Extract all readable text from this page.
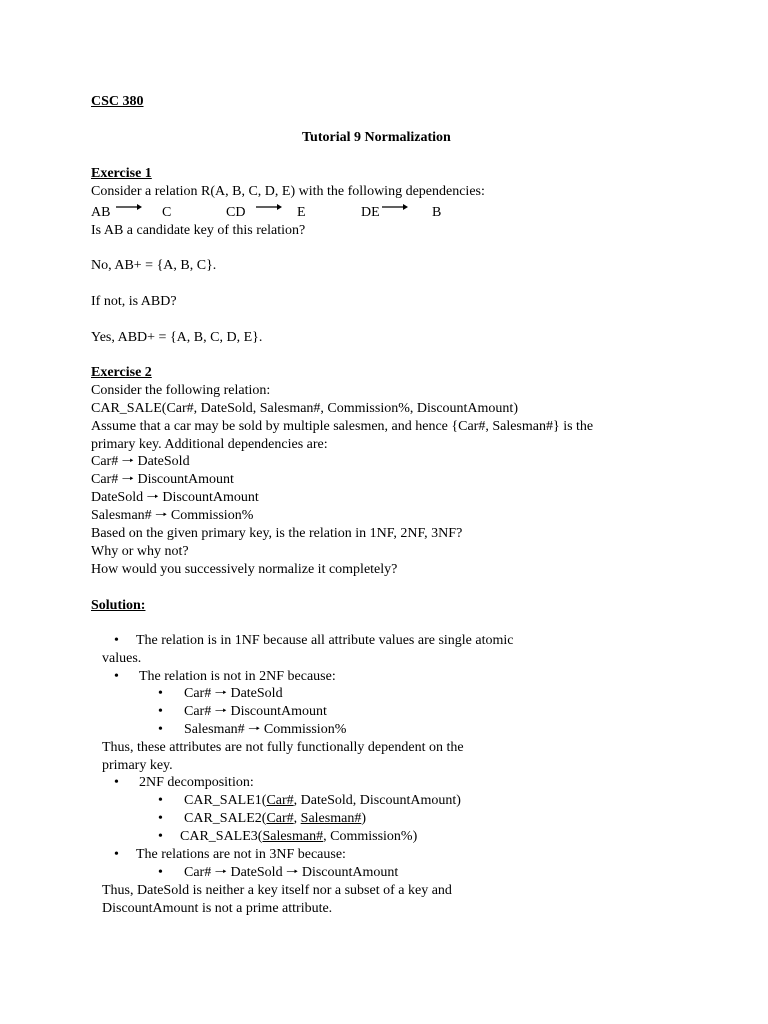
CSC 380
Tutorial 9 Normalization
Exercise 1
Consider a relation R(A, B, C, D, E) with the following dependencies:
AB	C	CD	E	DE	B
Is AB a candidate key of this relation?
No, AB+ = {A, B, C}.
If not, is ABD?
Yes, ABD+ = {A, B, C, D, E}.
Exercise 2
Consider the following relation:
CAR_SALE(Car#, DateSold, Salesman#, Commission%, DiscountAmount)
Assume that a car may be sold by multiple salesmen, and hence {Car#, Salesman#} is the
primary key. Additional dependencies are:
Car# 🠒 DateSold
Car# 🠒 DiscountAmount
DateSold 🠒 DiscountAmount
Salesman# 🠒 Commission%
Based on the given primary key, is the relation in 1NF, 2NF, 3NF?
Why or why not?
How would you successively normalize it completely?
Solution:
• The relation is in 1NF because all attribute values are single atomic
values.
• The relation is not in 2NF because:
• Car# 🠒 DateSold
• Car# 🠒 DiscountAmount
• Salesman# 🠒 Commission%
Thus, these attributes are not fully functionally dependent on the
primary key.
• 2NF decomposition:
• CAR_SALE1(Car#, DateSold, DiscountAmount)
• CAR_SALE2(Car#, Salesman#)
• CAR_SALE3(Salesman#, Commission%)
• The relations are not in 3NF because:
• Car# 🠒 DateSold 🠒 DiscountAmount
Thus, DateSold is neither a key itself nor a subset of a key and
DiscountAmount is not a prime attribute.
